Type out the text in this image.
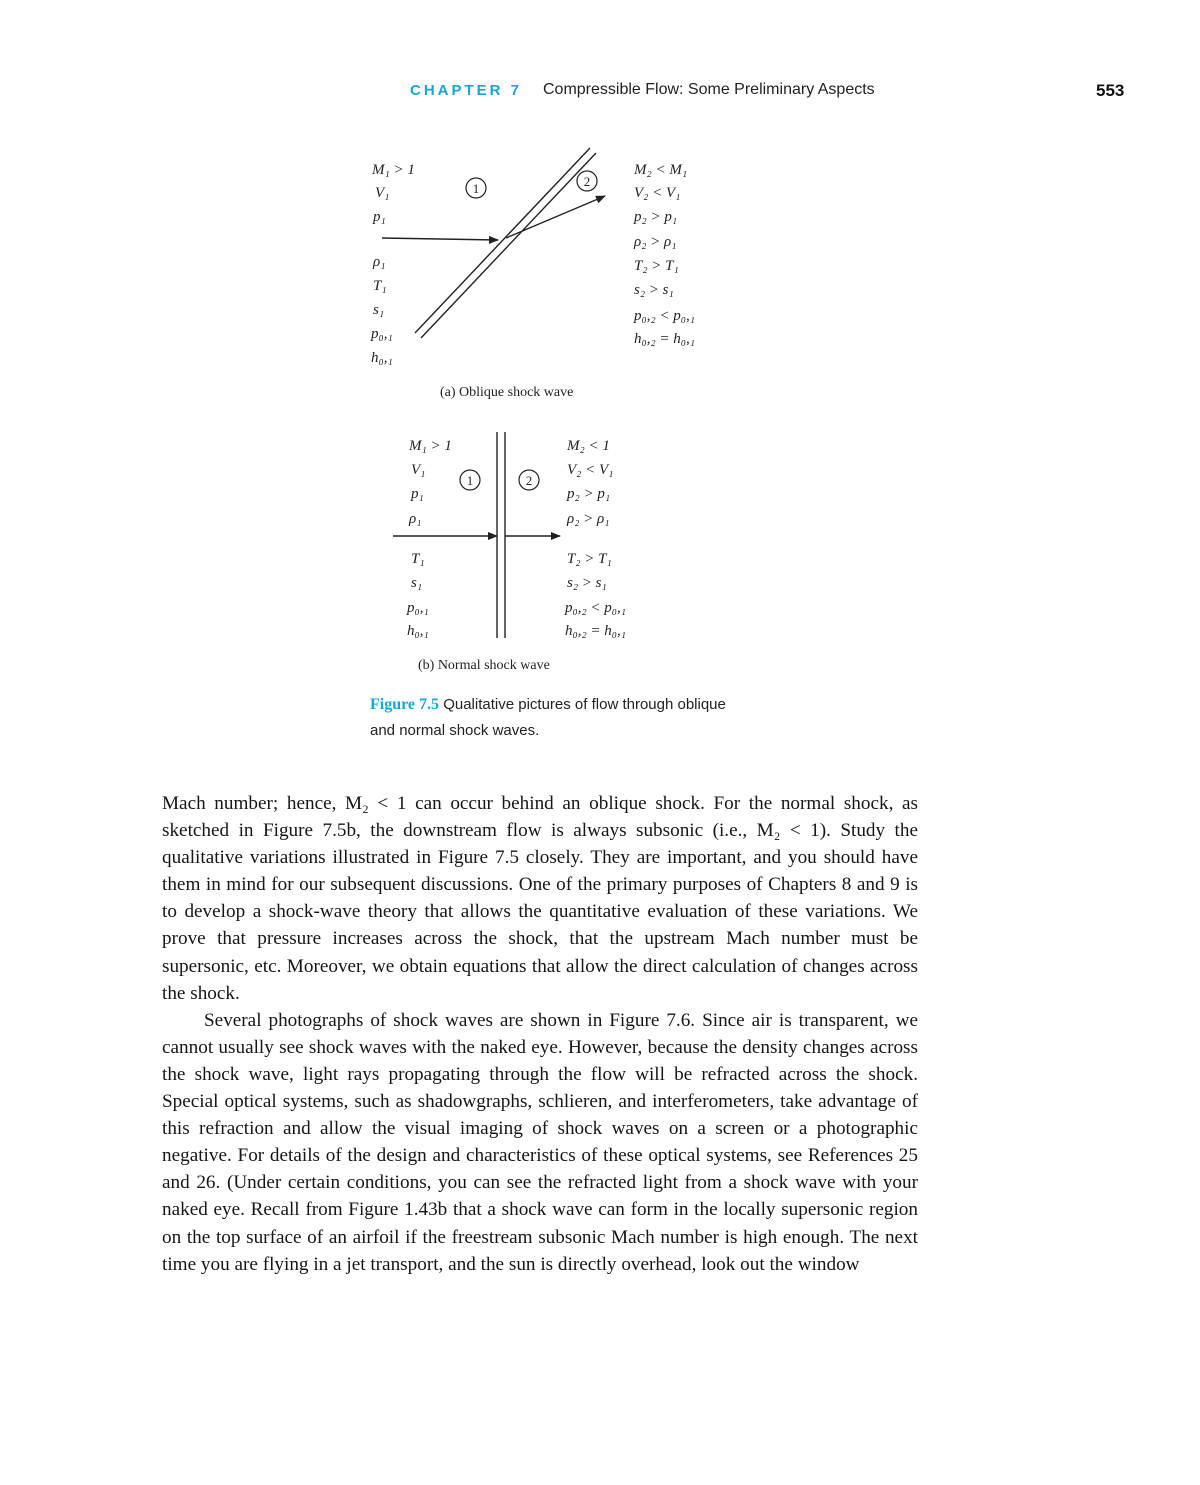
CHAPTER 7 Compressible Flow: Some Preliminary Aspects	553
1	2
M₁ > 1
V₁
p₁
ρ₁
T₁
s₁
p₀,₁
h₀,₁
M₂ < M₁
V₂ < V₁
p₂ > p₁
ρ₂ > ρ₁
T₂ > T₁
s₂ > s₁
p₀,₂ < p₀,₁
h₀,₂ = h₀,₁
(a) Oblique shock wave
1	2
M₁ > 1
V₁
p₁
ρ₁
T₁
s₁
p₀,₁
h₀,₁
M₂ < 1
V₂ < V₁
p₂ > p₁
ρ₂ > ρ₁
T₂ > T₁
s₂ > s₁
p₀,₂ < p₀,₁
h₀,₂ = h₀,₁
(b) Normal shock wave
Figure 7.5 Qualitative pictures of flow through oblique and normal shock waves.

Mach number; hence, M₂ < 1 can occur behind an oblique shock. For the normal shock, as sketched in Figure 7.5b, the downstream flow is always subsonic (i.e., M₂ < 1). Study the qualitative variations illustrated in Figure 7.5 closely. They are important, and you should have them in mind for our subsequent discussions. One of the primary purposes of Chapters 8 and 9 is to develop a shock-wave theory that allows the quantitative evaluation of these variations. We prove that pressure increases across the shock, that the upstream Mach number must be supersonic, etc. Moreover, we obtain equations that allow the direct calculation of changes across the shock.

Several photographs of shock waves are shown in Figure 7.6. Since air is transparent, we cannot usually see shock waves with the naked eye. However, because the density changes across the shock wave, light rays propagating through the flow will be refracted across the shock. Special optical systems, such as shadowgraphs, schlieren, and interferometers, take advantage of this refraction and allow the visual imaging of shock waves on a screen or a photographic negative. For details of the design and characteristics of these optical systems, see References 25 and 26. (Under certain conditions, you can see the refracted light from a shock wave with your naked eye. Recall from Figure 1.43b that a shock wave can form in the locally supersonic region on the top surface of an airfoil if the freestream subsonic Mach number is high enough. The next time you are flying in a jet transport, and the sun is directly overhead, look out the window
